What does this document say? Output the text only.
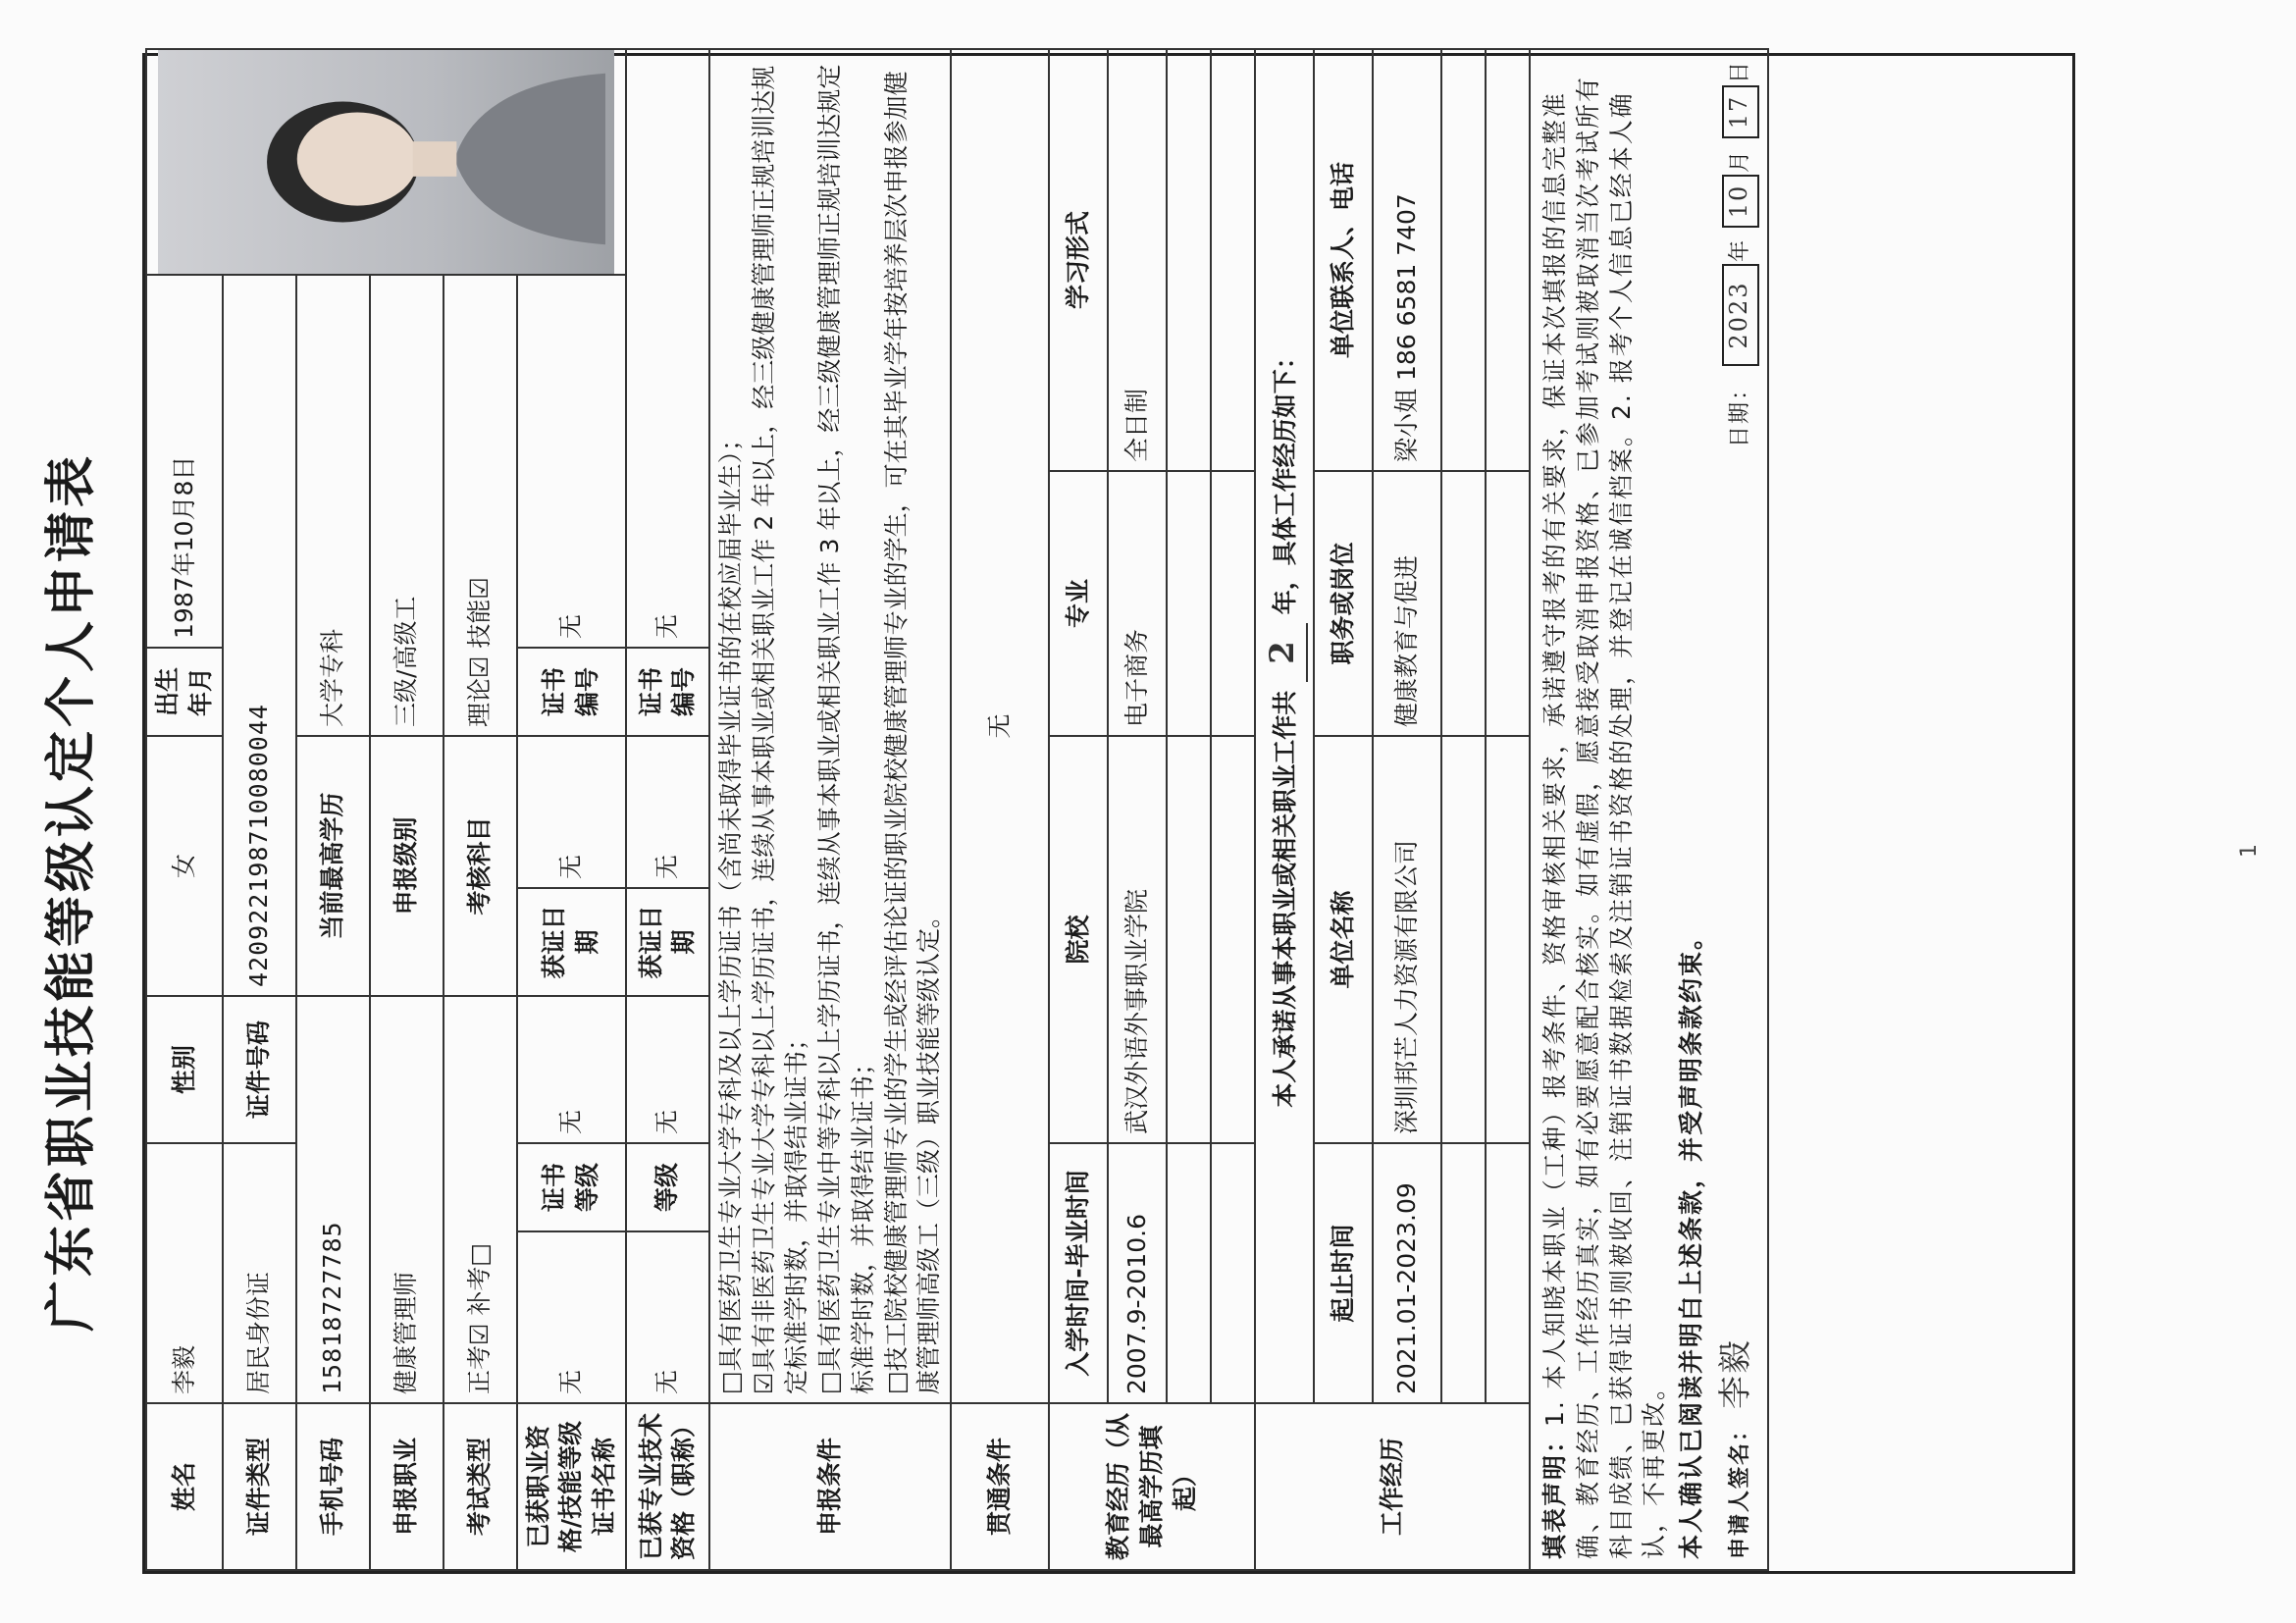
广东省职业技能等级认定个人申请表
姓名	李毅		性别	女		出生年月	1987年10月8日	

证件类型	居民身份证		证件号码	420922198710080044					
手机号码	15818727785			当前最高学历		大学专科			
申报职业	健康管理师			申报级别		三级/高级工			
考试类型	正考☑ 补考□			考核科目		理论☑ 技能☑			
已获职业资格/技能等级证书名称	无	证书等级	无	获证日期	无	证书编号	无		
已获专业技术资格（职称）	无	等级	无	获证日期	无	证书编号	无		
申报条件	□具有医药卫生专业大学专科及以上学历证书（含尚未取得毕业证书的在校应届毕业生）； ☑具有非医药卫生专业大学专科以上学历证书，连续从事本职业或相关职业工作 2 年以上，经三级健康管理师正规培训达规定标准学时数，并取得结业证书； □具有医药卫生专业中等专科以上学历证书，连续从事本职业或相关职业工作 3 年以上，经三级健康管理师正规培训达规定标准学时数，并取得结业证书； □技工院校健康管理师专业的学生或经评估论证的职业院校健康管理师专业的学生，可在其毕业学年按培养层次申报参加健康管理师高级工（三级）职业技能等级认定。								

贯通条件	无								
教育经历（从最高学历填起）	入学时间-毕业时间		院校			专业		学习形式	
	2007.9-2010.6		武汉外语外事职业学院			电子商务		全日制	

工作经历	本人承诺从事本职业或相关职业工作共 2 年，具体工作经历如下：								
	起止时间		单位名称			职务或岗位		单位联系人、电话	
	2021.01-2023.09		深圳邦芒人力资源有限公司			健康教育与促进		梁小姐 186 6581 7407	

填表声明：1. 本人知晓本职业（工种）报考条件、资格审核相关要求，承诺遵守报考的有关要求，保证本次填报的信息完整准确、教育经历、工作经历真实，如有必要愿意配合核实。如有虚假，愿意接受取消申报资格、已参加考试则被取消当次考试所有科目成绩、已获得证书则被收回、注销证书数据检索及注销证书资格的处理，并登记在诚信档案。2. 报考个人信息已经本人确认，不再更改。 本人确认已阅读并明白上述条款，并受声明条款约束。 申请人签名： 李毅
日期： 2023年 10月 17日									
1
